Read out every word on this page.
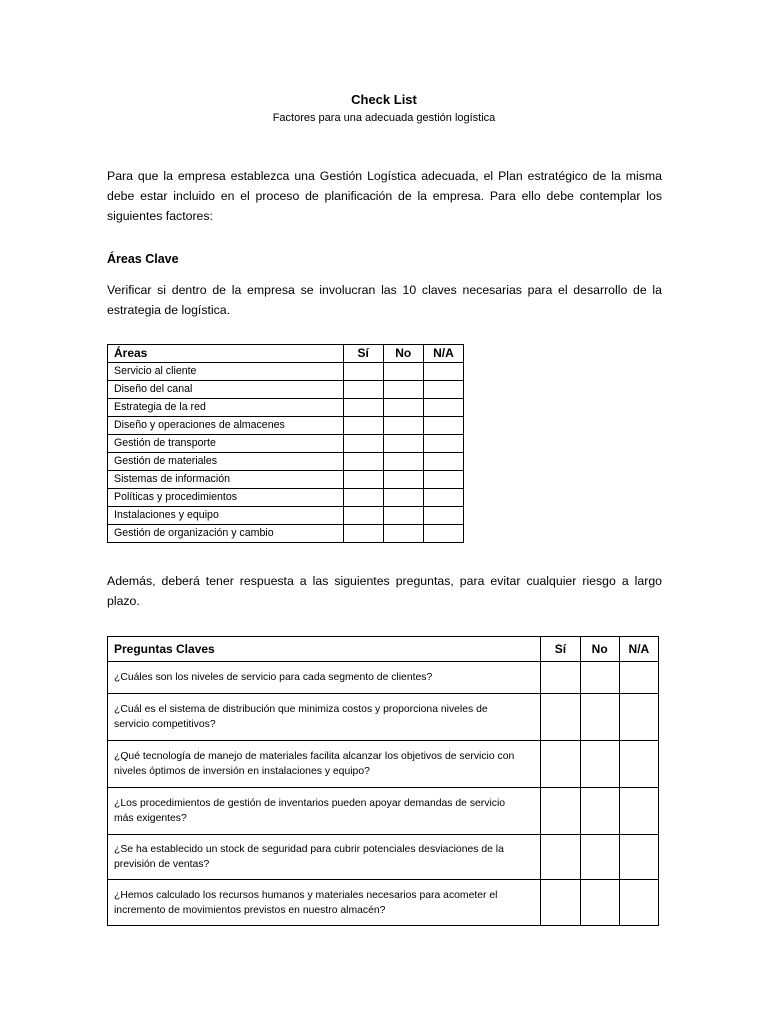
Check List
Factores para una adecuada gestión logística
Para que la empresa establezca una Gestión Logística adecuada, el Plan estratégico de la misma debe estar incluido en el proceso de planificación de la empresa. Para ello debe contemplar los siguientes factores:
Áreas Clave
Verificar si dentro de la empresa se involucran las 10 claves necesarias para el desarrollo de la estrategia de logística.
Áreas	Sí	No	N/A
Servicio al cliente			
Diseño del canal			
Estrategia de la red			
Diseño y operaciones de almacenes			
Gestión de transporte			
Gestión de materiales			
Sistemas de información			
Políticas y procedimientos			
Instalaciones y equipo			
Gestión de organización y cambio			
Además, deberá tener respuesta a las siguientes preguntas, para evitar cualquier riesgo a largo plazo.
Preguntas Claves	Sí	No	N/A
¿Cuáles son los niveles de servicio para cada segmento de clientes?			
¿Cuál es el sistema de distribución que minimiza costos y proporciona niveles de servicio competitivos?			
¿Qué tecnología de manejo de materiales facilita alcanzar los objetivos de servicio con niveles óptimos de inversión en instalaciones y equipo?			
¿Los procedimientos de gestión de inventarios pueden apoyar demandas de servicio más exigentes?			
¿Se ha establecido un stock de seguridad para cubrir potenciales desviaciones de la previsión de ventas?			
¿Hemos calculado los recursos humanos y materiales necesarios para acometer el incremento de movimientos previstos en nuestro almacén?			
